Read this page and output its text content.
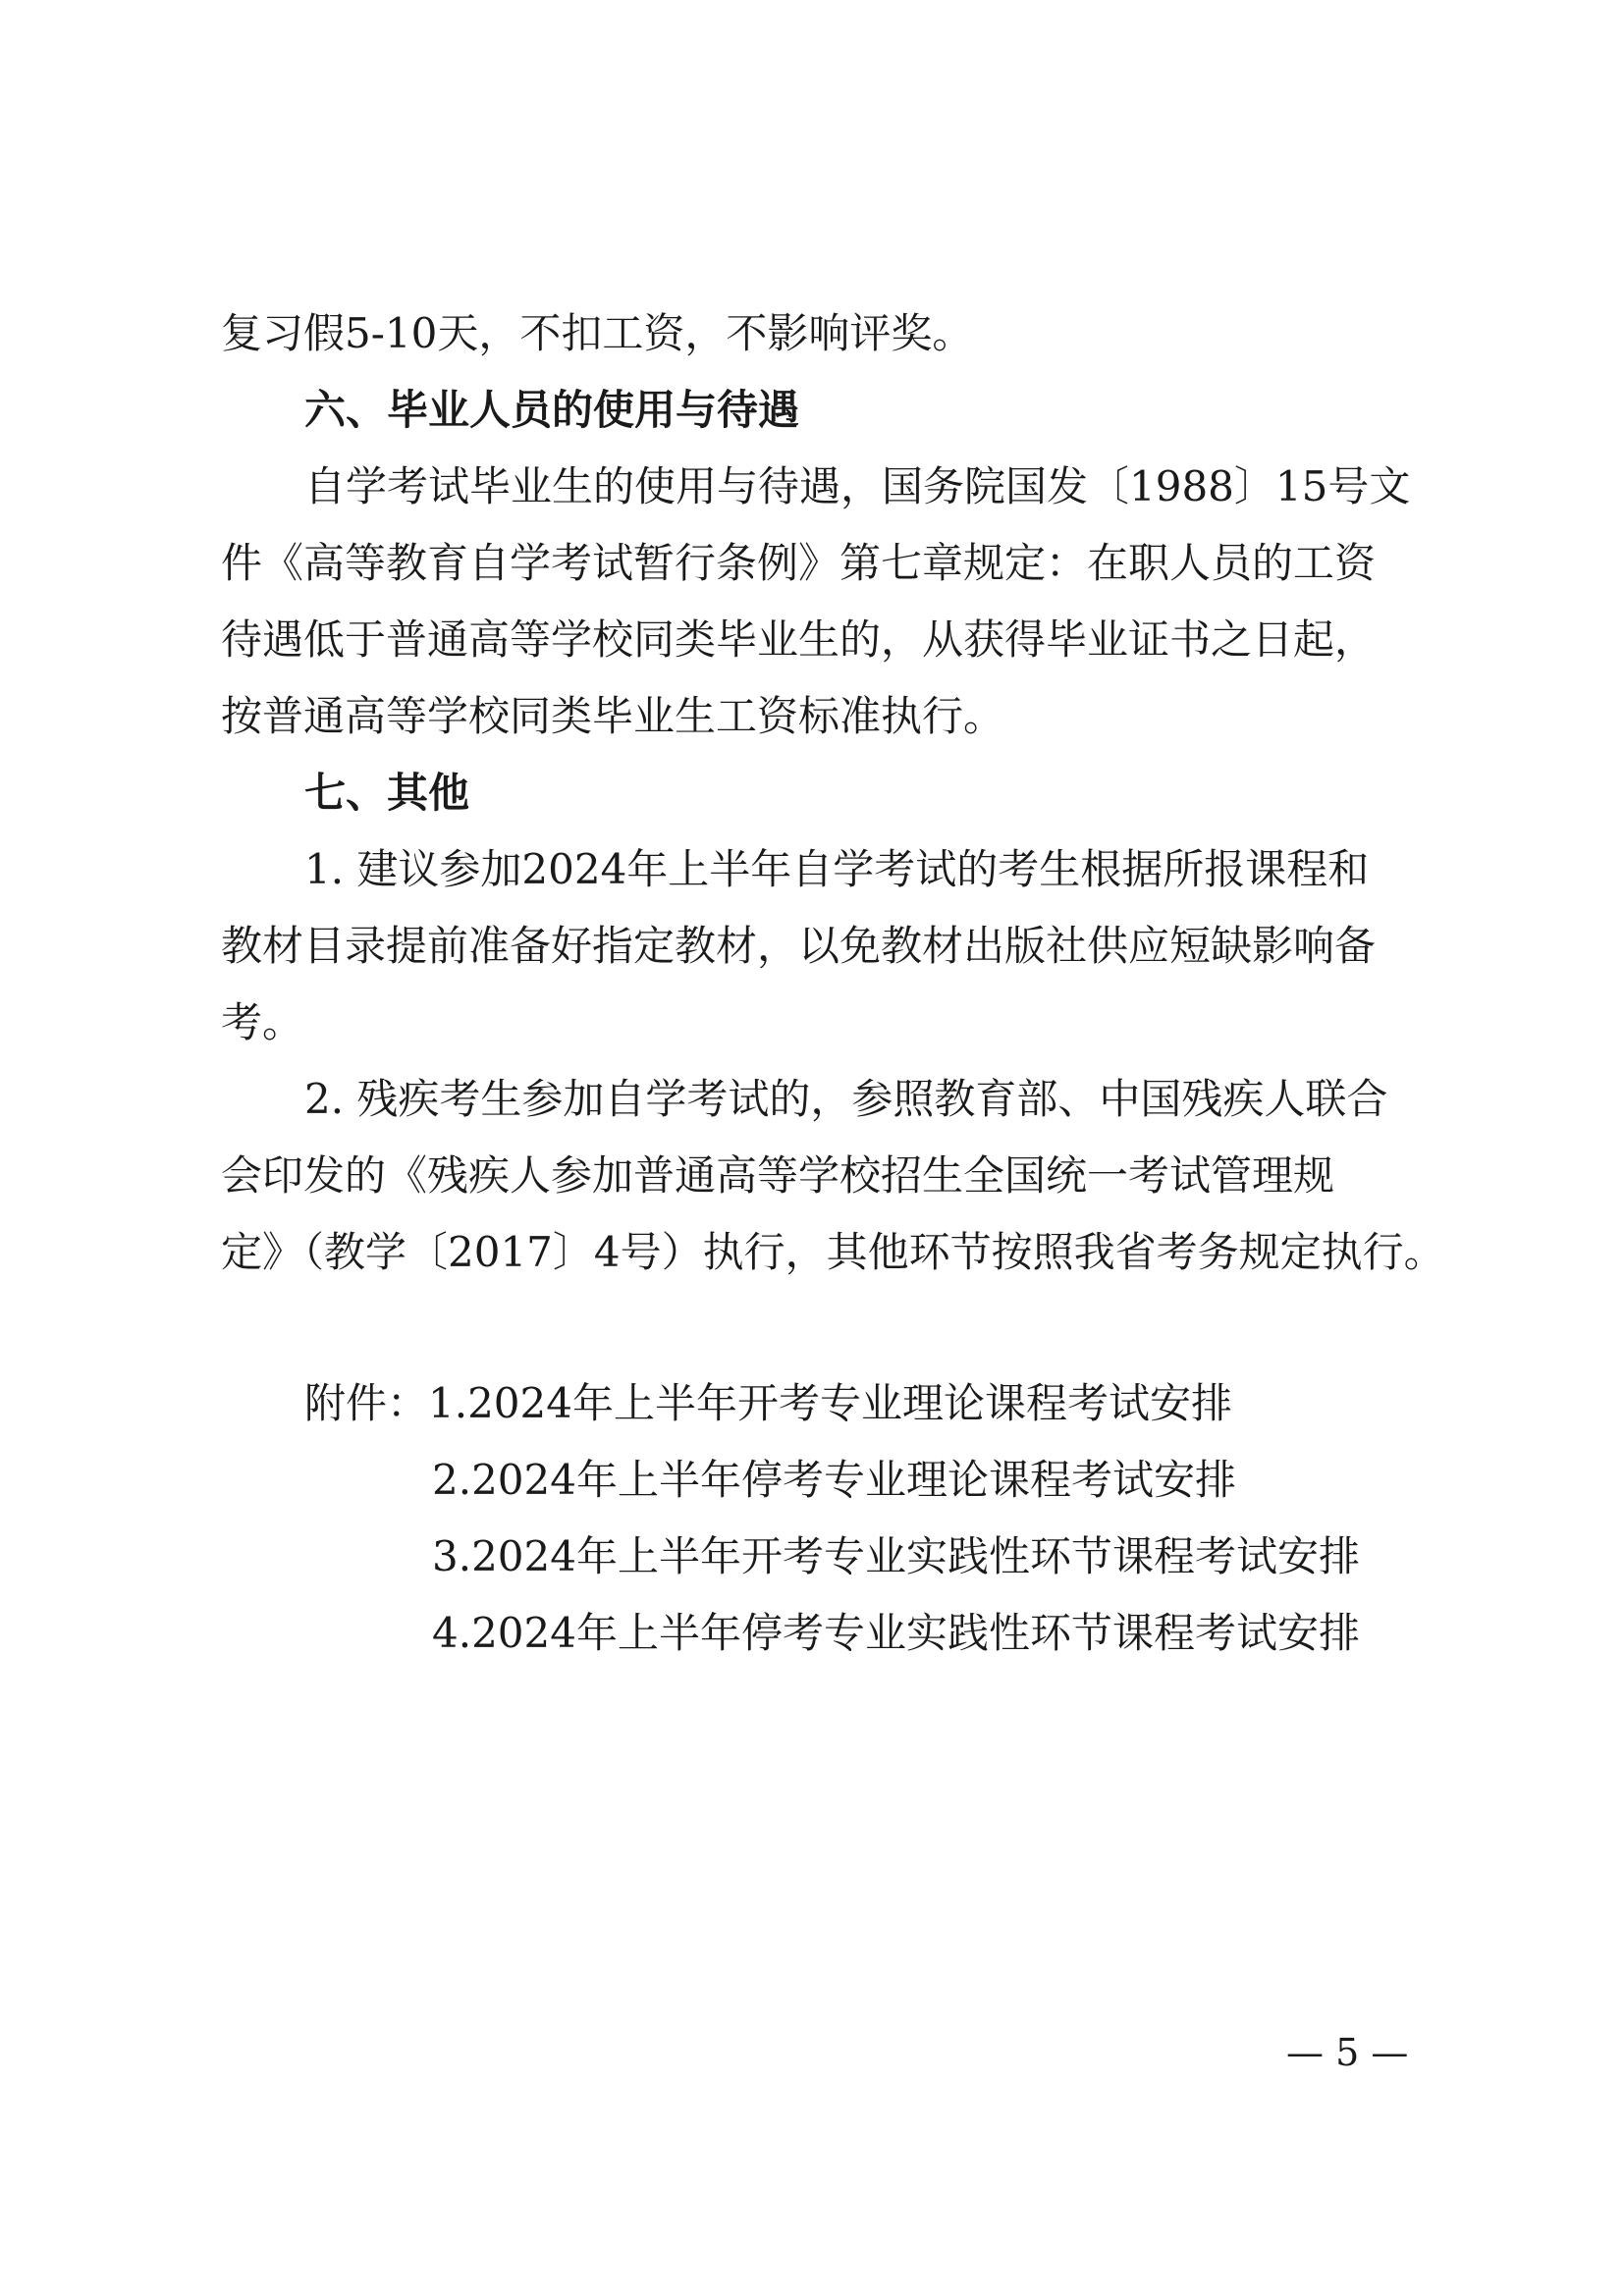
复习假5-10天，不扣工资，不影响评奖。
六、毕业人员的使用与待遇
自学考试毕业生的使用与待遇，国务院国发〔1988〕15号文
件《高等教育自学考试暂行条例》第七章规定：在职人员的工资
待遇低于普通高等学校同类毕业生的，从获得毕业证书之日起，
按普通高等学校同类毕业生工资标准执行。
七、其他
1. 建议参加2024年上半年自学考试的考生根据所报课程和
教材目录提前准备好指定教材，以免教材出版社供应短缺影响备
考。
2. 残疾考生参加自学考试的，参照教育部、中国残疾人联合
会印发的《残疾人参加普通高等学校招生全国统一考试管理规
定》（教学〔2017〕4号）执行，其他环节按照我省考务规定执行。
附件：1.2024年上半年开考专业理论课程考试安排
2.2024年上半年停考专业理论课程考试安排
3.2024年上半年开考专业实践性环节课程考试安排
4.2024年上半年停考专业实践性环节课程考试安排
— 5 —
